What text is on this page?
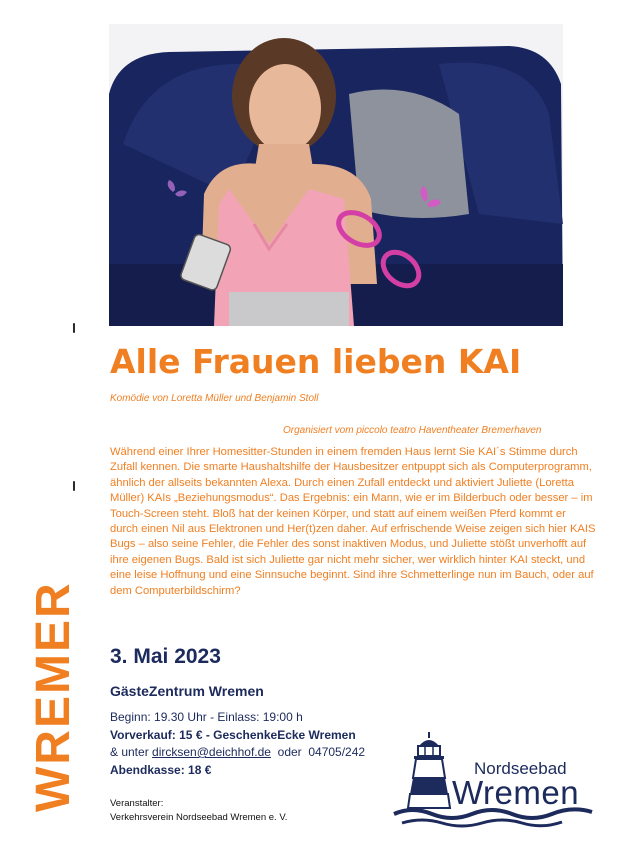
WREMER
Alle Frauen lieben KAI
Komödie von Loretta Müller und Benjamin Stoll
Organisiert vom piccolo teatro Haventheater Bremerhaven

Während einer Ihrer Homesitter-Stunden in einem fremden Haus lernt Sie KAI´s Stimme durch Zufall kennen. Die smarte Haushaltshilfe der Hausbesitzer entpuppt sich als Computerprogramm, ähnlich der allseits bekannten Alexa. Durch einen Zufall entdeckt und aktiviert Juliette (Loretta Müller) KAIs „Beziehungsmodus“. Das Ergebnis: ein Mann, wie er im Bilderbuch oder besser – im Touch-Screen steht. Bloß hat der keinen Körper, und statt auf einem weißen Pferd kommt er durch einen Nil aus Elektronen und Her(t)zen daher. Auf erfrischende Weise zeigen sich hier KAIS Bugs – also seine Fehler, die Fehler des sonst inaktiven Modus, und Juliette stößt unverhofft auf ihre eigenen Bugs. Bald ist sich Juliette gar nicht mehr sicher, wer wirklich hinter KAI steckt, und eine leise Hoffnung und eine Sinnsuche beginnt. Sind ihre Schmetterlinge nun im Bauch, oder auf dem Computerbildschirm?

3. Mai 2023
GästeZentrum Wremen
Beginn: 19.30 Uhr - Einlass: 19:00 h
Vorverkauf: 15 € - GeschenkeEcke Wremen
& unter dircksen@deichhof.de oder 04705/242
Abendkasse: 18 €
Veranstalter:
Verkehrsverein Nordseebad Wremen e. V.
Nordseebad
Wremen
